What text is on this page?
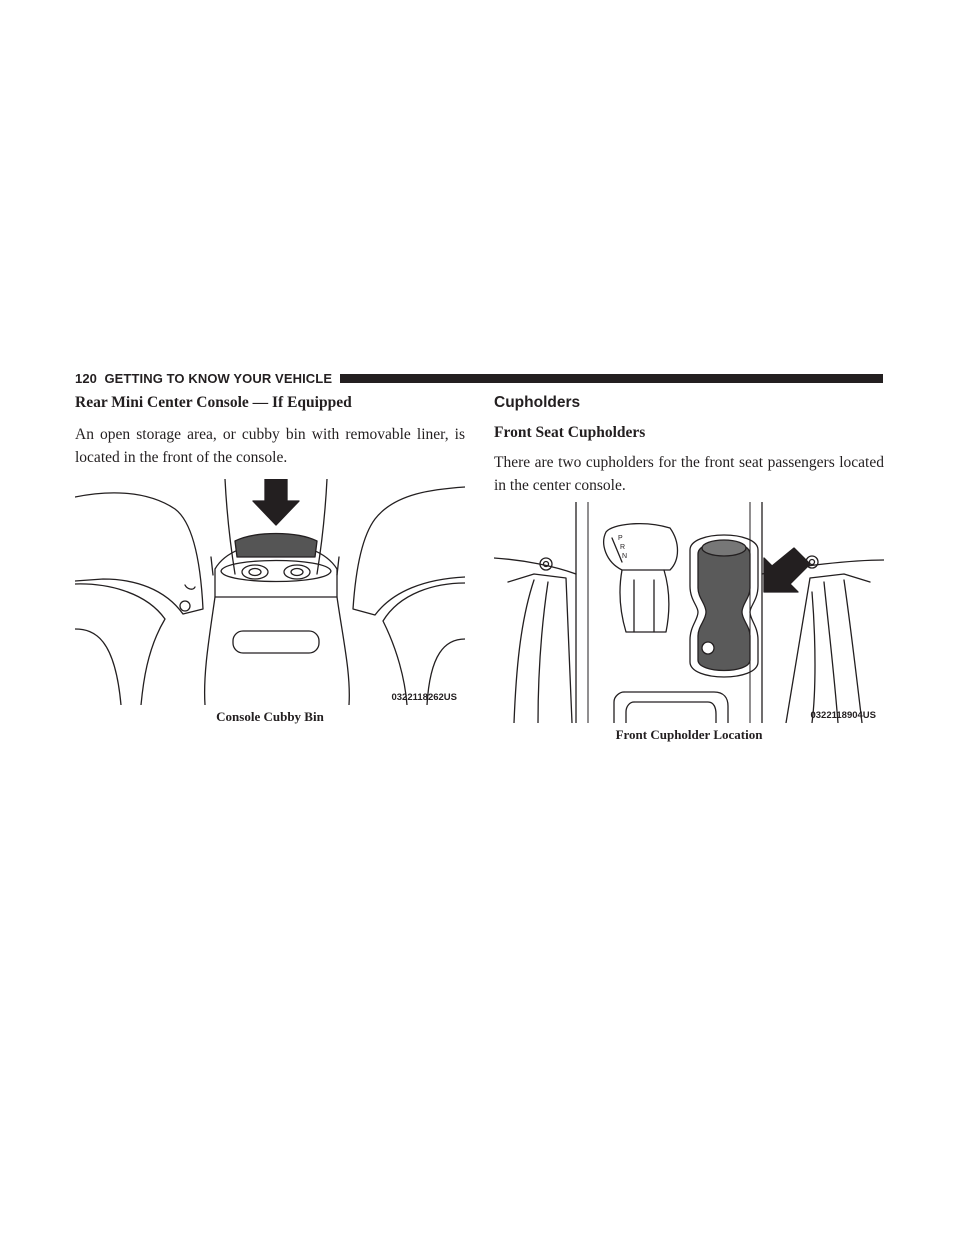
120 GETTING TO KNOW YOUR VEHICLE
Rear Mini Center Console — If Equipped

An open storage area, or cubby bin with removable liner, is located in the front of the console.

0322118262US
Console Cubby Bin
Cupholders
Front Seat Cupholders

There are two cupholders for the front seat passengers located in the center console.

P
R
N
0322118904US
Front Cupholder Location
